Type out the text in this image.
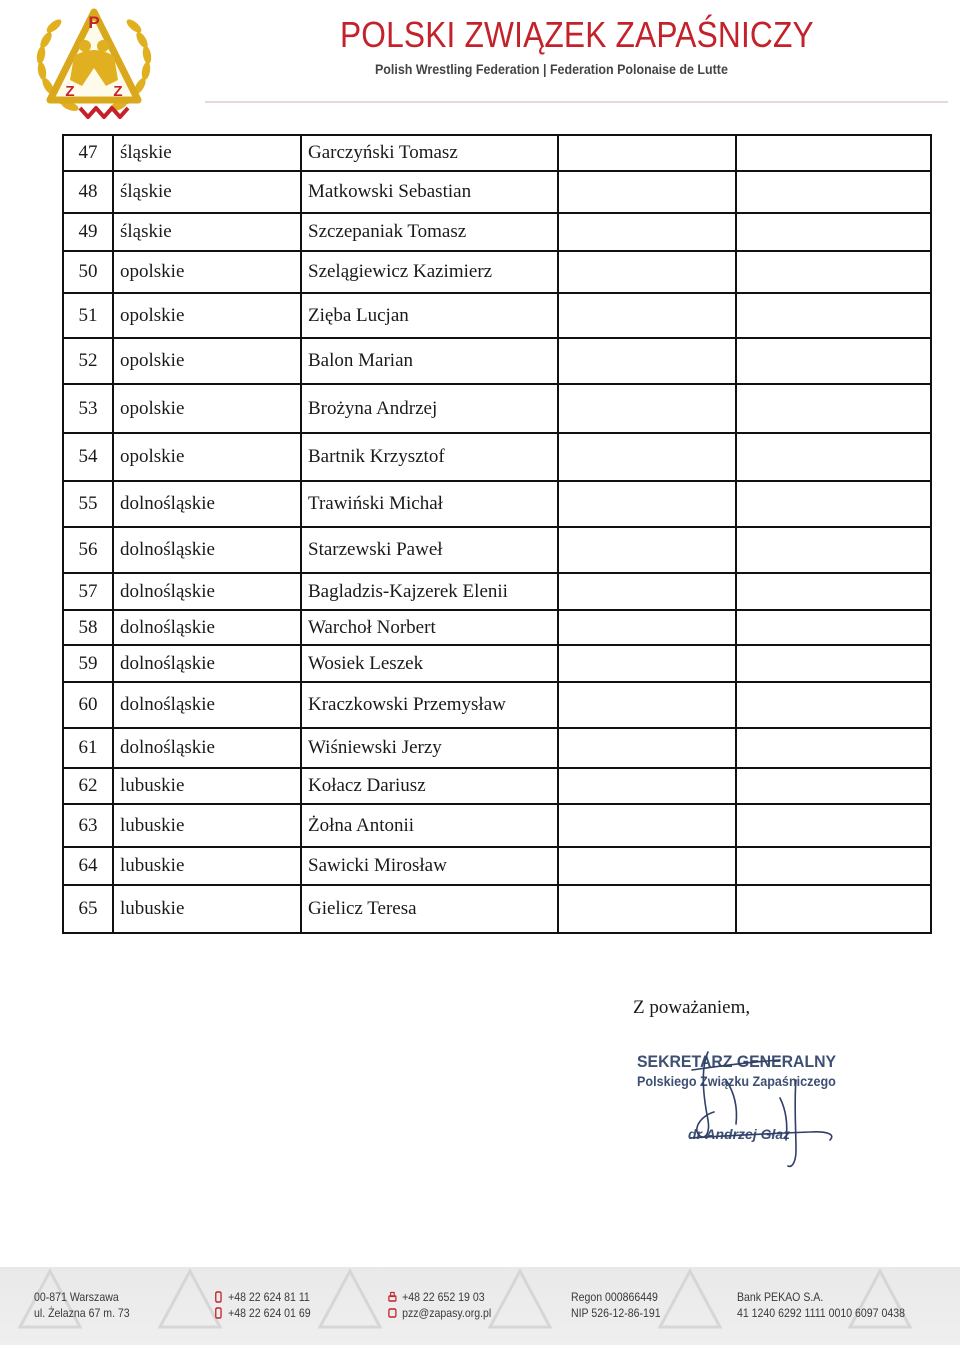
P
Z	Z
POLSKI ZWIĄZEK ZAPAŚNICZY
Polish Wrestling Federation | Federation Polonaise de Lutte
47	śląskie	Garczyński Tomasz		
48	śląskie	Matkowski Sebastian		
49	śląskie	Szczepaniak Tomasz		
50	opolskie	Szelągiewicz Kazimierz		
51	opolskie	Zięba Lucjan		
52	opolskie	Balon Marian		
53	opolskie	Brożyna Andrzej		
54	opolskie	Bartnik Krzysztof		
55	dolnośląskie	Trawiński Michał		
56	dolnośląskie	Starzewski Paweł		
57	dolnośląskie	Bagladzis-Kajzerek Elenii		
58	dolnośląskie	Warchoł Norbert		
59	dolnośląskie	Wosiek Leszek		
60	dolnośląskie	Kraczkowski Przemysław		
61	dolnośląskie	Wiśniewski Jerzy		
62	lubuskie	Kołacz Dariusz		
63	lubuskie	Żołna Antonii		
64	lubuskie	Sawicki Mirosław		
65	lubuskie	Gielicz Teresa		
Z poważaniem,
SEKRETARZ GENERALNY
Polskiego Związku Zapaśniczego
dr Andrzej Głaz
00-871 Warszawa
ul. Żelazna 67 m. 73
+48 22 624 81 11
+48 22 624 01 69
+48 22 652 19 03
pzz@zapasy.org.pl
Regon 000866449
NIP 526-12-86-191
Bank PEKAO S.A.
41 1240 6292 1111 0010 6097 0438
